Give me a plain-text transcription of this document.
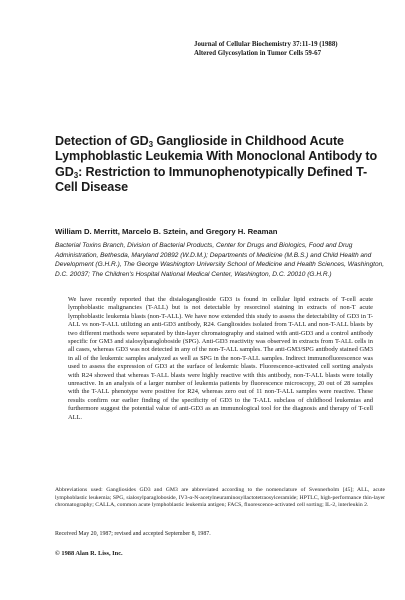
Journal of Cellular Biochemistry 37:11-19 (1988)
Altered Glycosylation in Tumor Cells 59-67
Detection of $GD_3$ Ganglioside in Childhood Acute Lymphoblastic Leukemia With Monoclonal Antibody to $GD_3$: Restriction to Immunophenotypically Defined T-Cell Disease
William D. Merritt, Marcelo B. Sztein, and Gregory H. Reaman
Bacterial Toxins Branch, Division of Bacterial Products, Center for Drugs and Biologics, Food and Drug Administration, Bethesda, Maryland 20892 (W.D.M.); Departments of Medicine (M.B.S.) and Child Health and Development (G.H.R.), The George Washington University School of Medicine and Health Sciences, Washington, D.C. 20037; The Children's Hospital National Medical Center, Washington, D.C. 20010 (G.H.R.)

We have recently reported that the disialoganglioside GD3 is found in cellular lipid extracts of T-cell acute lymphoblastic malignancies (T-ALL) but is not detectable by resorcinol staining in extracts of non-T acute lymphoblastic leukemia blasts (non-T-ALL). We have now extended this study to assess the detectability of GD3 in T-ALL vs non-T-ALL utilizing an anti-GD3 antibody, R24. Gangliosides isolated from T-ALL and non-T-ALL blasts by two different methods were separated by thin-layer chromatography and stained with anti-GD3 and a control antibody specific for GM3 and sialosylparagloboside (SPG). Anti-GD3 reactivity was observed in extracts from T-ALL cells in all cases, whereas GD3 was not detected in any of the non-T-ALL samples. The anti-GM3/SPG antibody stained GM3 in all of the leukemic samples analyzed as well as SPG in the non-T-ALL samples. Indirect immunofluorescence was used to assess the expression of GD3 at the surface of leukemic blasts. Fluorescence-activated cell sorting analysis with R24 showed that whereas T-ALL blasts were highly reactive with this antibody, non-T-ALL blasts were totally unreactive. In an analysis of a larger number of leukemia patients by fluorescence microscopy, 20 out of 28 samples with the T-ALL phenotype were positive for R24, whereas zero out of 11 non-T-ALL samples were reactive. These results confirm our earlier finding of the specificity of GD3 to the T-ALL subclass of childhood leukemias and furthermore suggest the potential value of anti-GD3 as an immunological tool for the diagnosis and therapy of T-cell ALL.

Abbreviations used: Gangliosides GD3 and GM3 are abbreviated according to the nomenclature of Svennerholm [45]; ALL, acute lymphoblastic leukemia; SPG, sialosylparagloboside, IV3-α-N-acetylneuraminosyllactotetraosylceramide; HPTLC, high-performance thin-layer chromatography; CALLA, common acute lymphoblastic leukemia antigen; FACS, fluorescence-activated cell sorting; IL-2, interleukin 2.

Received May 20, 1987; revised and accepted September 8, 1987.
© 1988 Alan R. Liss, Inc.
